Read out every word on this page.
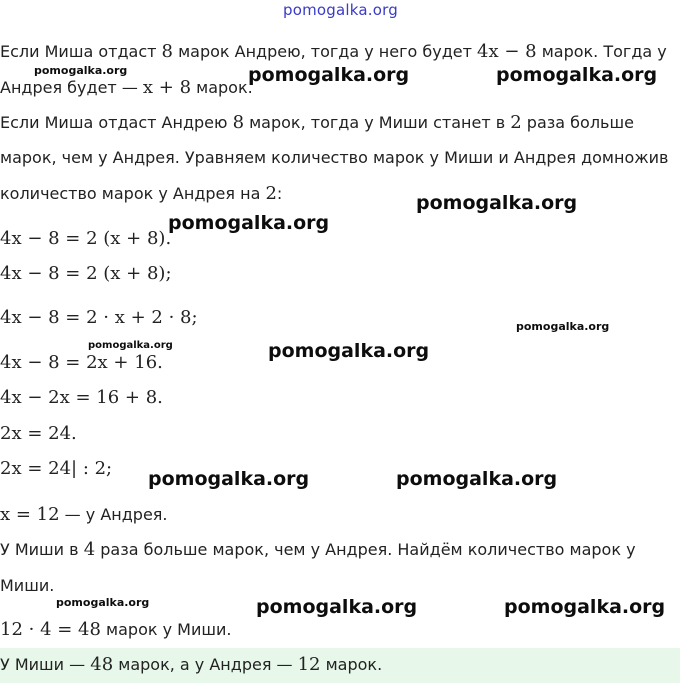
pomogalka.org
Если Миша отдаст 8 марок Андрею, тогда у него будет 4x − 8 марок. Тогда у
Андрея будет — x + 8 марок.
Если Миша отдаст Андрею 8 марок, тогда у Миши станет в 2 раза больше
марок, чем у Андрея. Уравняем количество марок у Миши и Андрея домножив
количество марок у Андрея на 2:
4x − 8 = 2 (x + 8).
4x − 8 = 2 (x + 8);
4x − 8 = 2 · x + 2 · 8;
4x − 8 = 2x + 16.
4x − 2x = 16 + 8.
2x = 24.
2x = 24| : 2;
x = 12 — у Андрея.
У Миши в 4 раза больше марок, чем у Андрея. Найдём количество марок у
Миши.
12 · 4 = 48 марок у Миши.
У Миши — 48 марок, а у Андрея — 12 марок.
pomogalka.org	pomogalka.org	pomogalka.org
pomogalka.org
pomogalka.org
pomogalka.org
pomogalka.org	pomogalka.org
pomogalka.org	pomogalka.org
pomogalka.org	pomogalka.org	pomogalka.org
